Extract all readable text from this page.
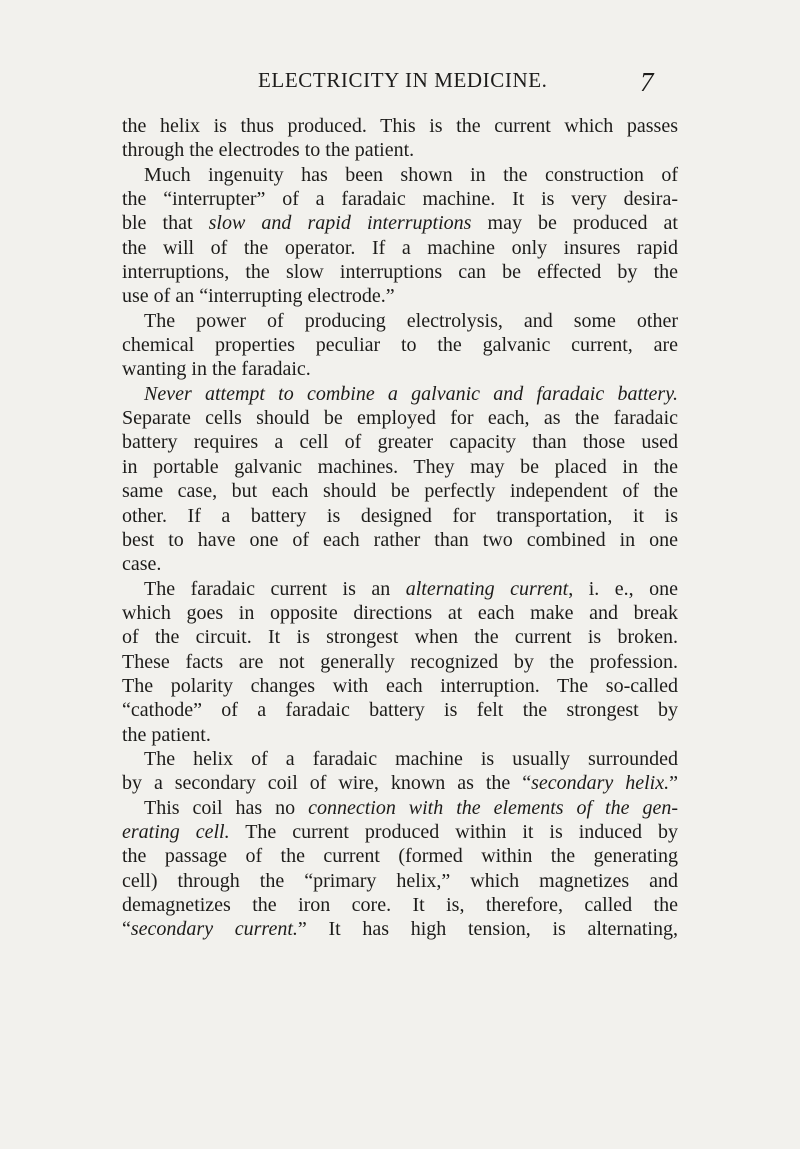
ELECTRICITY IN MEDICINE.	7
the helix is thus produced. This is the current which passes
through the electrodes to the patient.
Much ingenuity has been shown in the construction of
the “interrupter” of a faradaic machine. It is very desira-
ble that slow and rapid interruptions may be produced at
the will of the operator. If a machine only insures rapid
interruptions, the slow interruptions can be effected by the
use of an “interrupting electrode.”
The power of producing electrolysis, and some other
chemical properties peculiar to the galvanic current, are
wanting in the faradaic.
Never attempt to combine a galvanic and faradaic battery.
Separate cells should be employed for each, as the faradaic
battery requires a cell of greater capacity than those used
in portable galvanic machines. They may be placed in the
same case, but each should be perfectly independent of the
other. If a battery is designed for transportation, it is
best to have one of each rather than two combined in one
case.
The faradaic current is an alternating current, i. e., one
which goes in opposite directions at each make and break
of the circuit. It is strongest when the current is broken.
These facts are not generally recognized by the profession.
The polarity changes with each interruption. The so-called
“cathode” of a faradaic battery is felt the strongest by
the patient.
The helix of a faradaic machine is usually surrounded
by a secondary coil of wire, known as the “secondary helix.”
This coil has no connection with the elements of the gen-
erating cell. The current produced within it is induced by
the passage of the current (formed within the generating
cell) through the “primary helix,” which magnetizes and
demagnetizes the iron core. It is, therefore, called the
“secondary current.” It has high tension, is alternating,
